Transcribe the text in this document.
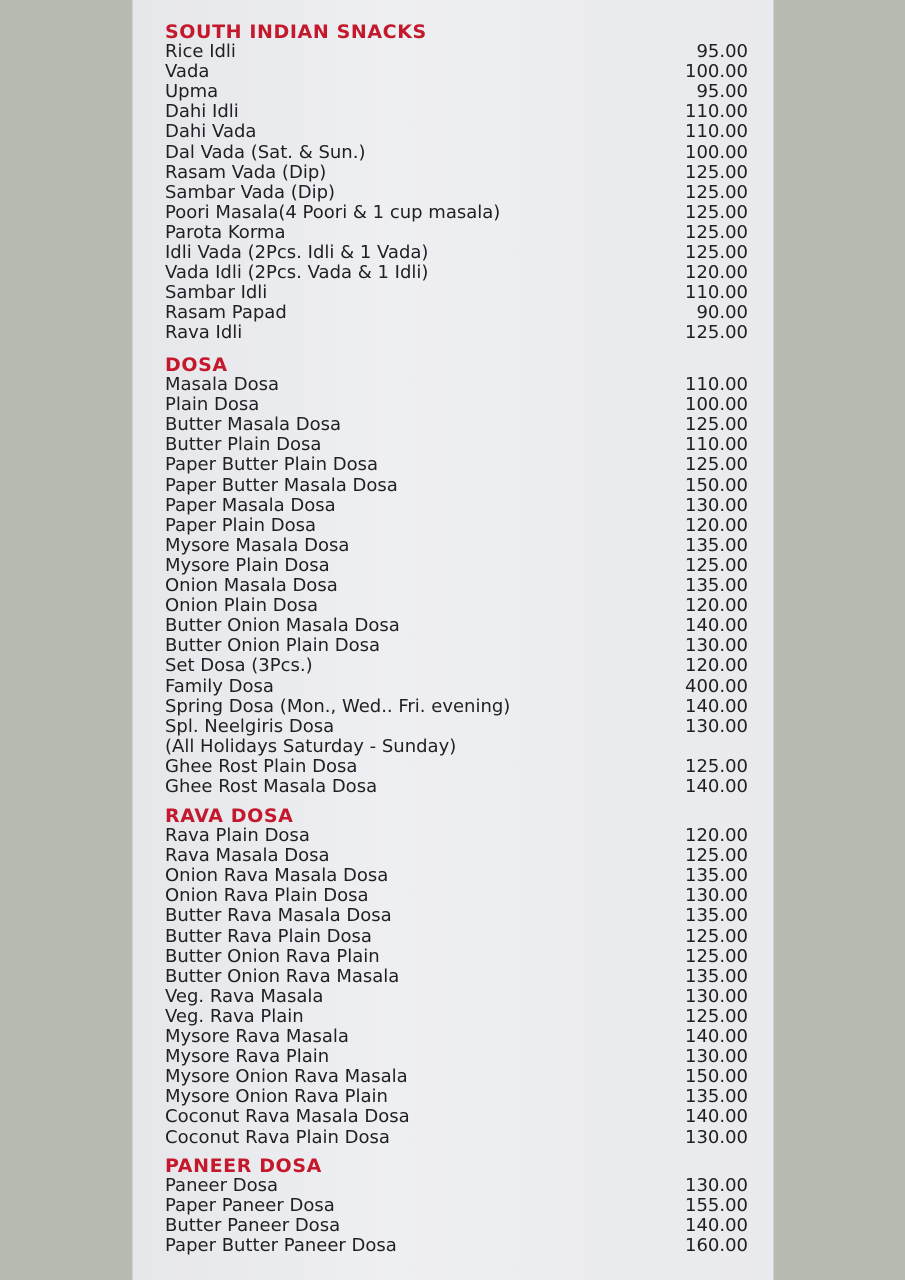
SOUTH INDIAN SNACKS
Rice Idli	95.00
Vada	100.00
Upma	95.00
Dahi Idli	110.00
Dahi Vada	110.00
Dal Vada (Sat. & Sun.)	100.00
Rasam Vada (Dip)	125.00
Sambar Vada (Dip)	125.00
Poori Masala(4 Poori & 1 cup masala)	125.00
Parota Korma	125.00
Idli Vada (2Pcs. Idli & 1 Vada)	125.00
Vada Idli (2Pcs. Vada & 1 Idli)	120.00
Sambar Idli	110.00
Rasam Papad	90.00
Rava Idli	125.00
DOSA
Masala Dosa	110.00
Plain Dosa	100.00
Butter Masala Dosa	125.00
Butter Plain Dosa	110.00
Paper Butter Plain Dosa	125.00
Paper Butter Masala Dosa	150.00
Paper Masala Dosa	130.00
Paper Plain Dosa	120.00
Mysore Masala Dosa	135.00
Mysore Plain Dosa	125.00
Onion Masala Dosa	135.00
Onion Plain Dosa	120.00
Butter Onion Masala Dosa	140.00
Butter Onion Plain Dosa	130.00
Set Dosa (3Pcs.)	120.00
Family Dosa	400.00
Spring Dosa (Mon., Wed.. Fri. evening)	140.00
Spl. Neelgiris Dosa	130.00
(All Holidays Saturday - Sunday)
Ghee Rost Plain Dosa	125.00
Ghee Rost Masala Dosa	140.00
RAVA DOSA
Rava Plain Dosa	120.00
Rava Masala Dosa	125.00
Onion Rava Masala Dosa	135.00
Onion Rava Plain Dosa	130.00
Butter Rava Masala Dosa	135.00
Butter Rava Plain Dosa	125.00
Butter Onion Rava Plain	125.00
Butter Onion Rava Masala	135.00
Veg. Rava Masala	130.00
Veg. Rava Plain	125.00
Mysore Rava Masala	140.00
Mysore Rava Plain	130.00
Mysore Onion Rava Masala	150.00
Mysore Onion Rava Plain	135.00
Coconut Rava Masala Dosa	140.00
Coconut Rava Plain Dosa	130.00
PANEER DOSA
Paneer Dosa	130.00
Paper Paneer Dosa	155.00
Butter Paneer Dosa	140.00
Paper Butter Paneer Dosa	160.00
